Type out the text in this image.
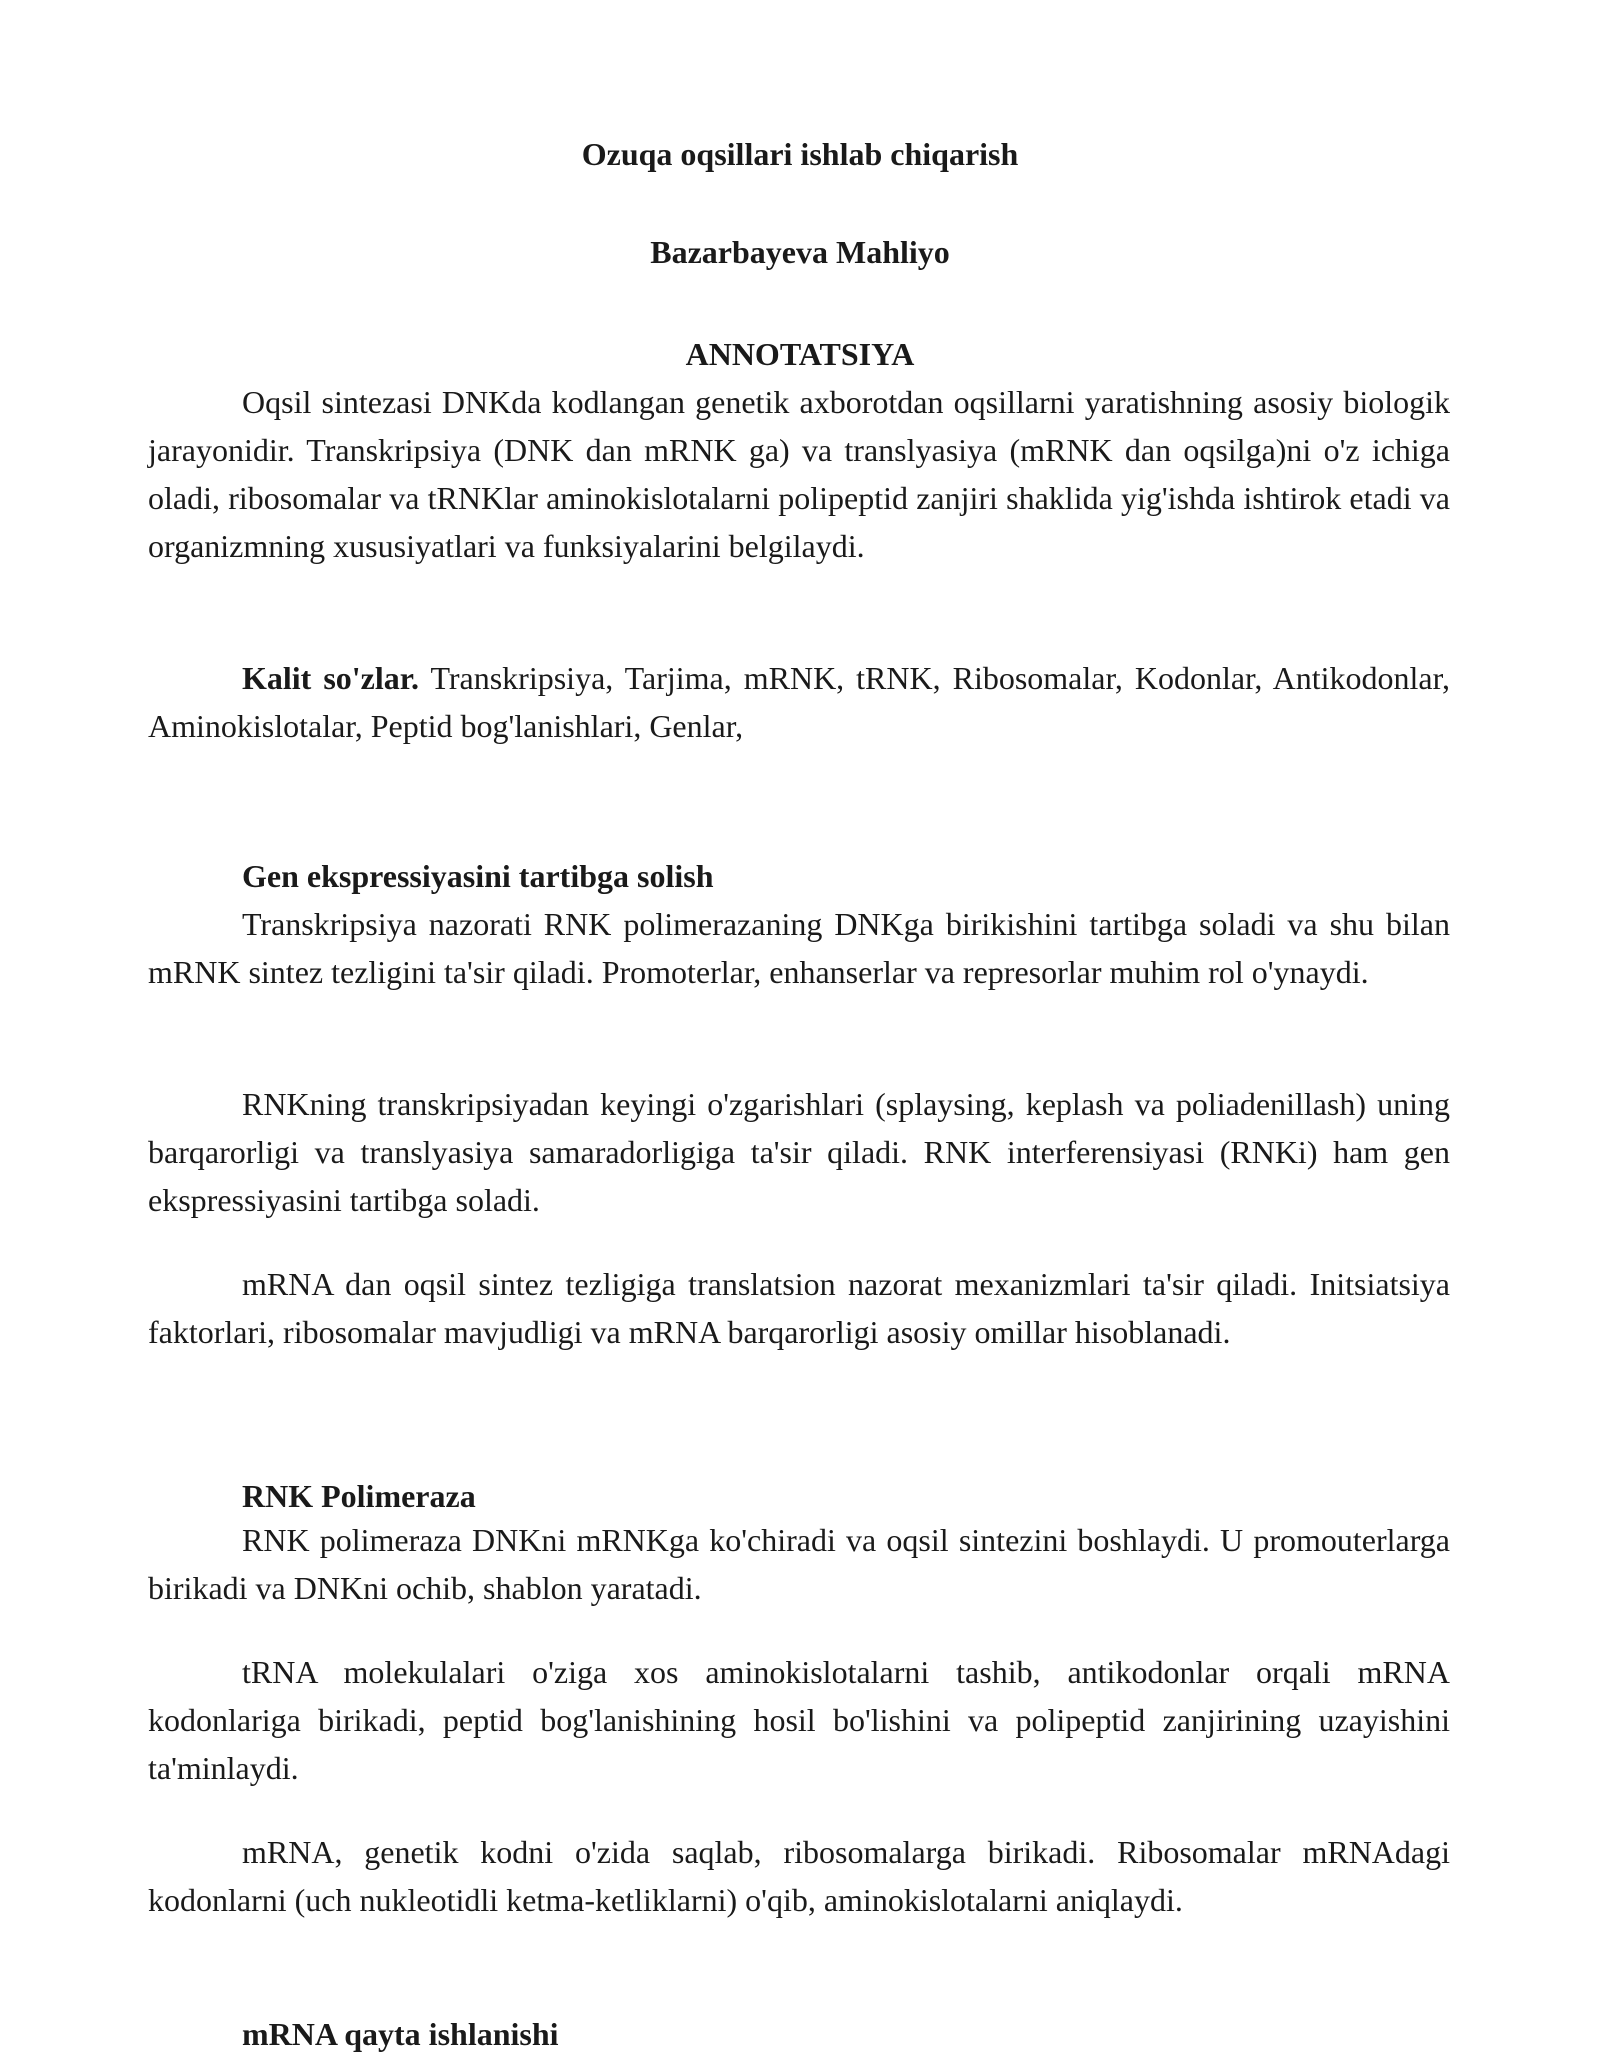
Ozuqa oqsillari ishlab chiqarish
Bazarbayeva Mahliyo
ANNOTATSIYA

Oqsil sintezasi DNKda kodlangan genetik axborotdan oqsillarni yaratishning asosiy biologik jarayonidir. Transkripsiya (DNK dan mRNK ga) va translyasiya (mRNK dan oqsilga)ni o'z ichiga oladi, ribosomalar va tRNKlar aminokislotalarni polipeptid zanjiri shaklida yig'ishda ishtirok etadi va organizmning xususiyatlari va funksiyalarini belgilaydi.

Kalit so'zlar. Transkripsiya, Tarjima, mRNK, tRNK, Ribosomalar, Kodonlar, Antikodonlar, Aminokislotalar, Peptid bog'lanishlari, Genlar,

Gen ekspressiyasini tartibga solish

Transkripsiya nazorati RNK polimerazaning DNKga birikishini tartibga soladi va shu bilan mRNK sintez tezligini ta'sir qiladi. Promoterlar, enhanserlar va represorlar muhim rol o'ynaydi.

RNKning transkripsiyadan keyingi o'zgarishlari (splaysing, keplash va poliadenillash) uning barqarorligi va translyasiya samaradorligiga ta'sir qiladi. RNK interferensiyasi (RNKi) ham gen ekspressiyasini tartibga soladi.

mRNA dan oqsil sintez tezligiga translatsion nazorat mexanizmlari ta'sir qiladi. Initsiatsiya faktorlari, ribosomalar mavjudligi va mRNA barqarorligi asosiy omillar hisoblanadi.

RNK Polimeraza

RNK polimeraza DNKni mRNKga ko'chiradi va oqsil sintezini boshlaydi. U promouterlarga birikadi va DNKni ochib, shablon yaratadi.

tRNA molekulalari o'ziga xos aminokislotalarni tashib, antikodonlar orqali mRNA kodonlariga birikadi, peptid bog'lanishining hosil bo'lishini va polipeptid zanjirining uzayishini ta'minlaydi.

mRNA, genetik kodni o'zida saqlab, ribosomalarga birikadi. Ribosomalar mRNAdagi kodonlarni (uch nukleotidli ketma-ketliklarni) o'qib, aminokislotalarni aniqlaydi.

mRNA qayta ishlanishi
